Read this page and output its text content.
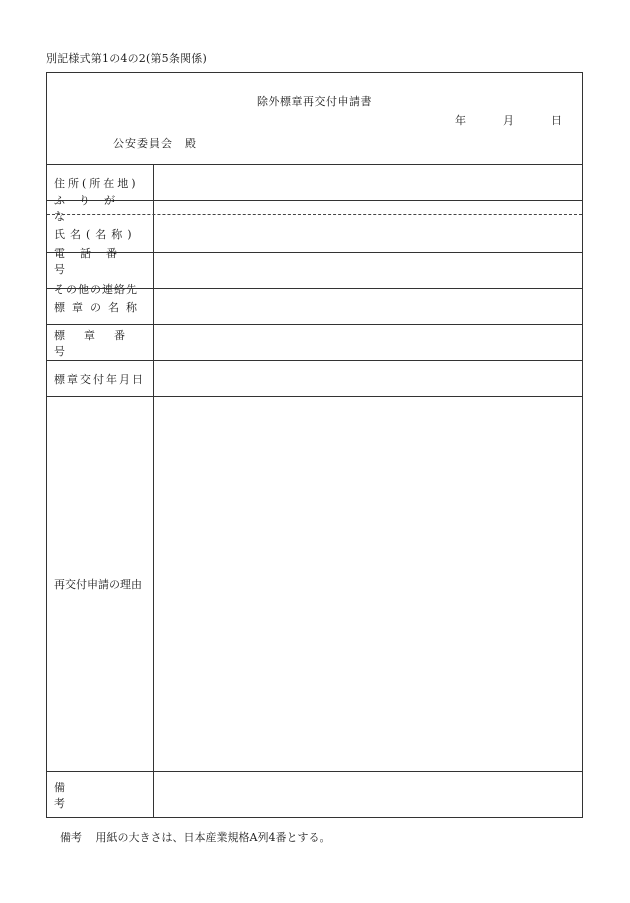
別記様式第1の4の2(第5条関係)
除外標章再交付申請書
年	月	日
公安委員会　殿
住所(所在地)
ふりがな
氏名(名称)
電話番号
その他の連絡先
標章の名称
標章番号
標章交付年月日
再交付申請の理由
備考
備考 用紙の大きさは、日本産業規格A列4番とする。
